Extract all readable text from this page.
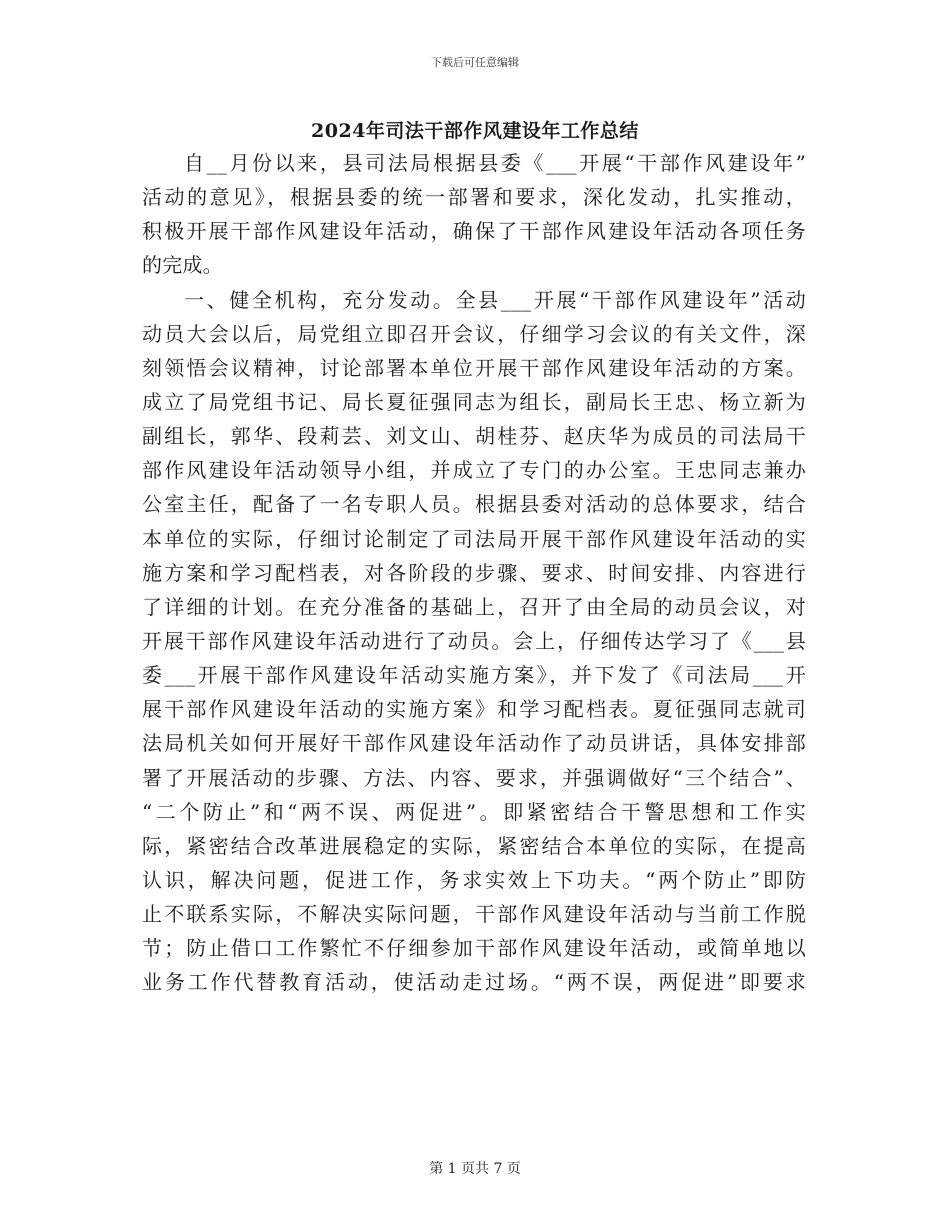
下载后可任意编辑
2024年司法干部作风建设年工作总结
自__月份以来，县司法局根据县委《___开展“干部作风建设年”
活动的意见》，根据县委的统一部署和要求，深化发动，扎实推动，
积极开展干部作风建设年活动，确保了干部作风建设年活动各项任务
的完成。
一、健全机构，充分发动。全县___开展“干部作风建设年”活动
动员大会以后，局党组立即召开会议，仔细学习会议的有关文件，深
刻领悟会议精神，讨论部署本单位开展干部作风建设年活动的方案。
成立了局党组书记、局长夏征强同志为组长，副局长王忠、杨立新为
副组长，郭华、段莉芸、刘文山、胡桂芬、赵庆华为成员的司法局干
部作风建设年活动领导小组，并成立了专门的办公室。王忠同志兼办
公室主任，配备了一名专职人员。根据县委对活动的总体要求，结合
本单位的实际，仔细讨论制定了司法局开展干部作风建设年活动的实
施方案和学习配档表，对各阶段的步骤、要求、时间安排、内容进行
了详细的计划。在充分准备的基础上，召开了由全局的动员会议，对
开展干部作风建设年活动进行了动员。会上，仔细传达学习了《___县
委___开展干部作风建设年活动实施方案》，并下发了《司法局___开
展干部作风建设年活动的实施方案》和学习配档表。夏征强同志就司
法局机关如何开展好干部作风建设年活动作了动员讲话，具体安排部
署了开展活动的步骤、方法、内容、要求，并强调做好“三个结合”、
“二个防止”和“两不误、两促进”。即紧密结合干警思想和工作实
际，紧密结合改革进展稳定的实际，紧密结合本单位的实际，在提高
认识，解决问题，促进工作，务求实效上下功夫。“两个防止”即防
止不联系实际，不解决实际问题，干部作风建设年活动与当前工作脱
节；防止借口工作繁忙不仔细参加干部作风建设年活动，或简单地以
业务工作代替教育活动，使活动走过场。“两不误，两促进”即要求
第 1 页共 7 页
